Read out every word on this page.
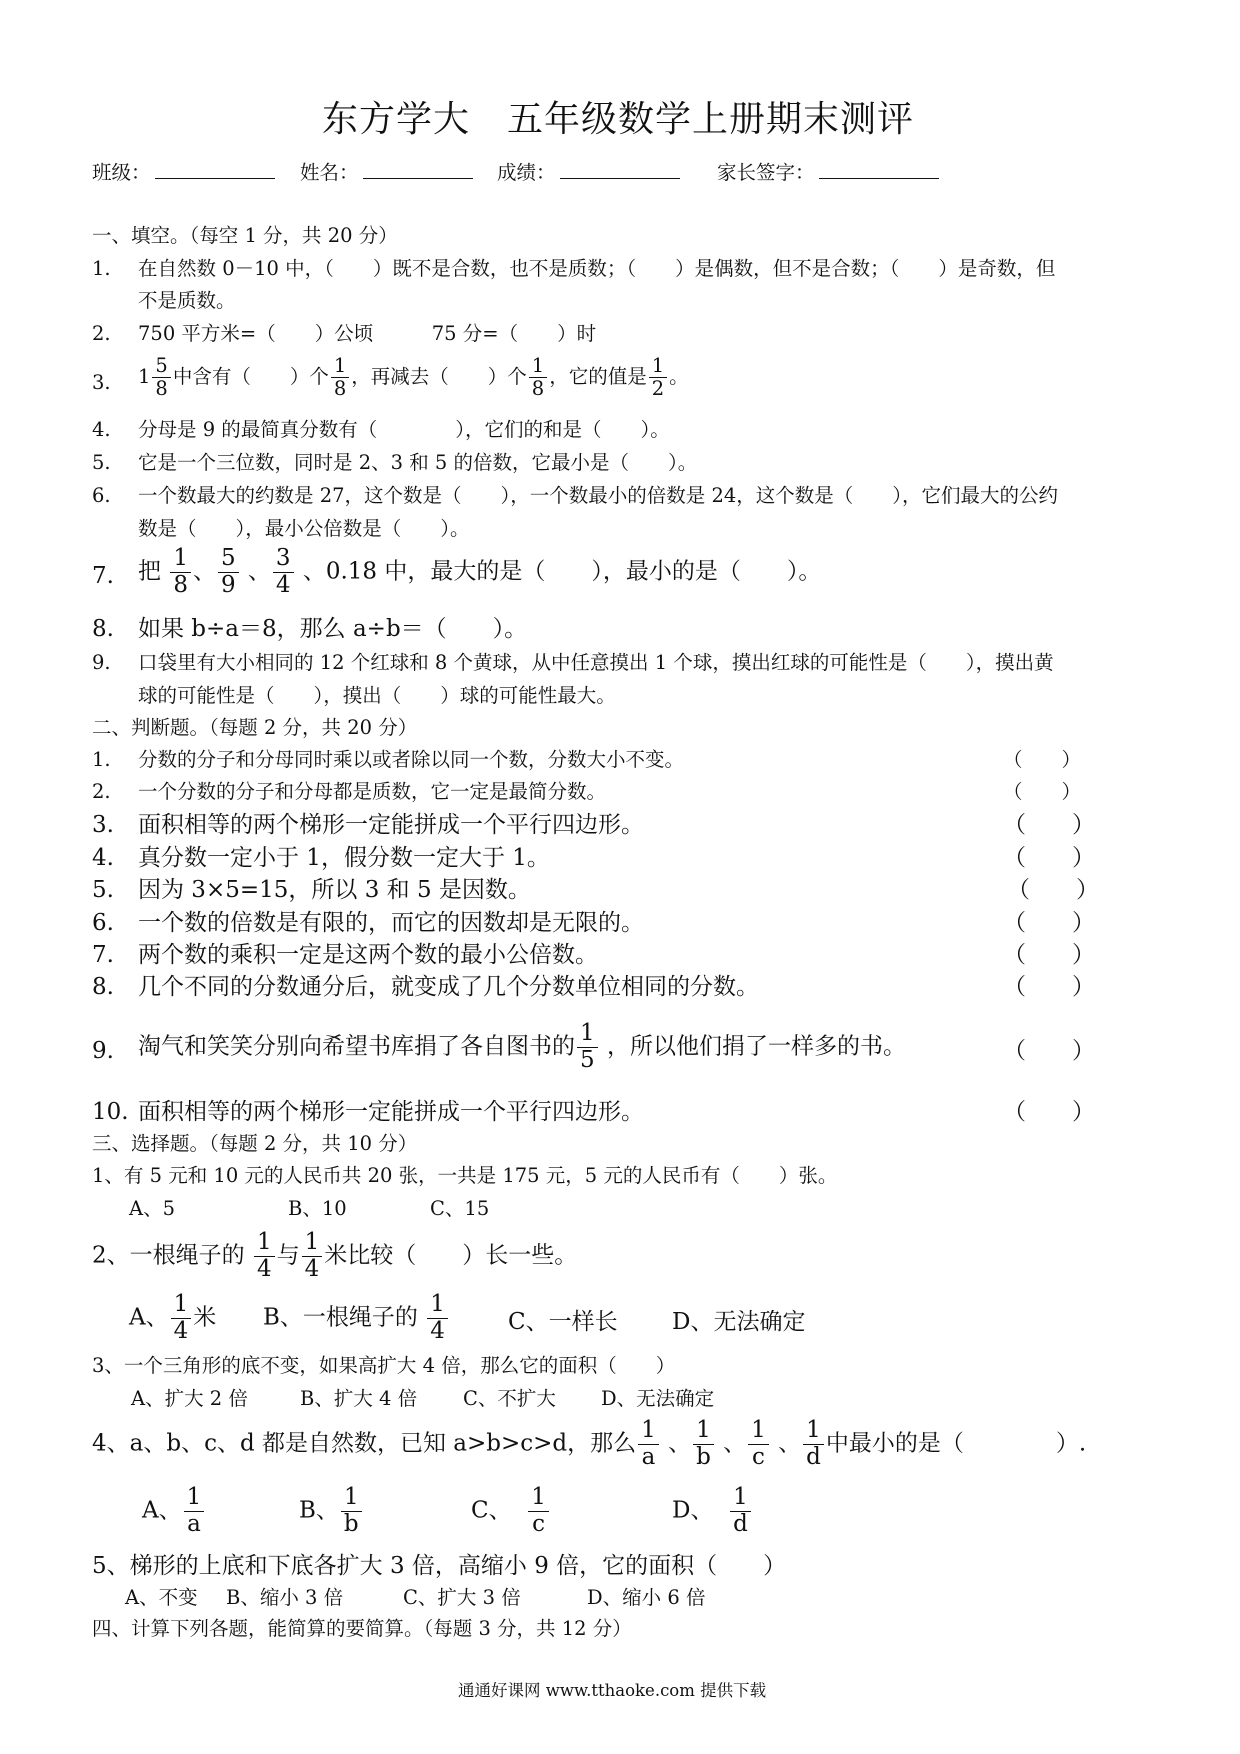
东方学大　五年级数学上册期末测评
班级：	姓名：	成绩：	家长签字：
一、填空。（每空 1 分，共 20 分）
1. 在自然数 0－10 中，（　　）既不是合数，也不是质数；（　　）是偶数，但不是合数；（　　）是奇数，但
不是质数。
2. 750 平方米=（　　）公顷　　　75 分=（　　）时
3. $1 \frac{5}{8}$ 中含有（　　）个 $\frac{1}{8}$ ，再减去（　　）个 $\frac{1}{8}$ ，它的值是 $\frac{1}{2}$ 。
4. 分母是 9 的最简真分数有（　　　　），它们的和是（　　）。
5. 它是一个三位数，同时是 2、3 和 5 的倍数，它最小是（　　）。
6. 一个数最大的约数是 27，这个数是（　　），一个数最小的倍数是 24，这个数是（　　），它们最大的公约
数是（　　），最小公倍数是（　　）。
7. 把 $\frac{1}{8}$ 、 $\frac{5}{9}$ 、 $\frac{3}{4}$ 、0.18 中，最大的是（　　），最小的是（　　）。
8. 如果 b÷a＝8，那么 a÷b＝（　　）。
9. 口袋里有大小相同的 12 个红球和 8 个黄球，从中任意摸出 1 个球，摸出红球的可能性是（　　），摸出黄
球的可能性是（　　），摸出（　　）球的可能性最大。
二、判断题。（每题 2 分，共 20 分）
1. 分数的分子和分母同时乘以或者除以同一个数，分数大小不变。	（　　）
2. 一个分数的分子和分母都是质数，它一定是最简分数。	（　　）
3. 面积相等的两个梯形一定能拼成一个平行四边形。	（　　）
4. 真分数一定小于 1，假分数一定大于 1。	（　　）
5. 因为 3×5=15，所以 3 和 5 是因数。	（　　）
6. 一个数的倍数是有限的，而它的因数却是无限的。	（　　）
7. 两个数的乘积一定是这两个数的最小公倍数。	（　　）
8. 几个不同的分数通分后，就变成了几个分数单位相同的分数。	（　　）
9. 淘气和笑笑分别向希望书库捐了各自图书的 $\frac{1}{5}$ ，所以他们捐了一样多的书。	（　　）
10. 面积相等的两个梯形一定能拼成一个平行四边形。	（　　）
三、选择题。（每题 2 分，共 10 分）
1、有 5 元和 10 元的人民币共 20 张，一共是 175 元，5 元的人民币有（　　）张。
A、5	B、10	C、15
2、一根绳子的 $\frac{1}{4}$ 与 $\frac{1}{4}$ 米比较（　　）长一些。
A、 $\frac{1}{4}$ 米 B、一根绳子的 $\frac{1}{4}$	C、一样长 D、无法确定
3、一个三角形的底不变，如果高扩大 4 倍，那么它的面积（　　）
A、扩大 2 倍	B、扩大 4 倍 C、不扩大 D、无法确定
4、a、b、c、d 都是自然数，已知 a>b>c>d，那么 $\frac{1}{a}$ 、 $\frac{1}{b}$ 、 $\frac{1}{c}$ 、 $\frac{1}{d}$ 中最小的是（　　　　）.
A、 $\frac{1}{a}$	B、 $\frac{1}{b}$	C、 $\frac{1}{c}$	D、 $\frac{1}{d}$
5、梯形的上底和下底各扩大 3 倍，高缩小 9 倍，它的面积（　　）
A、不变 B、缩小 3 倍	C、扩大 3 倍	D、缩小 6 倍
四、计算下列各题，能简算的要简算。（每题 3 分，共 12 分）
通通好课网 www.tthaoke.com 提供下载
